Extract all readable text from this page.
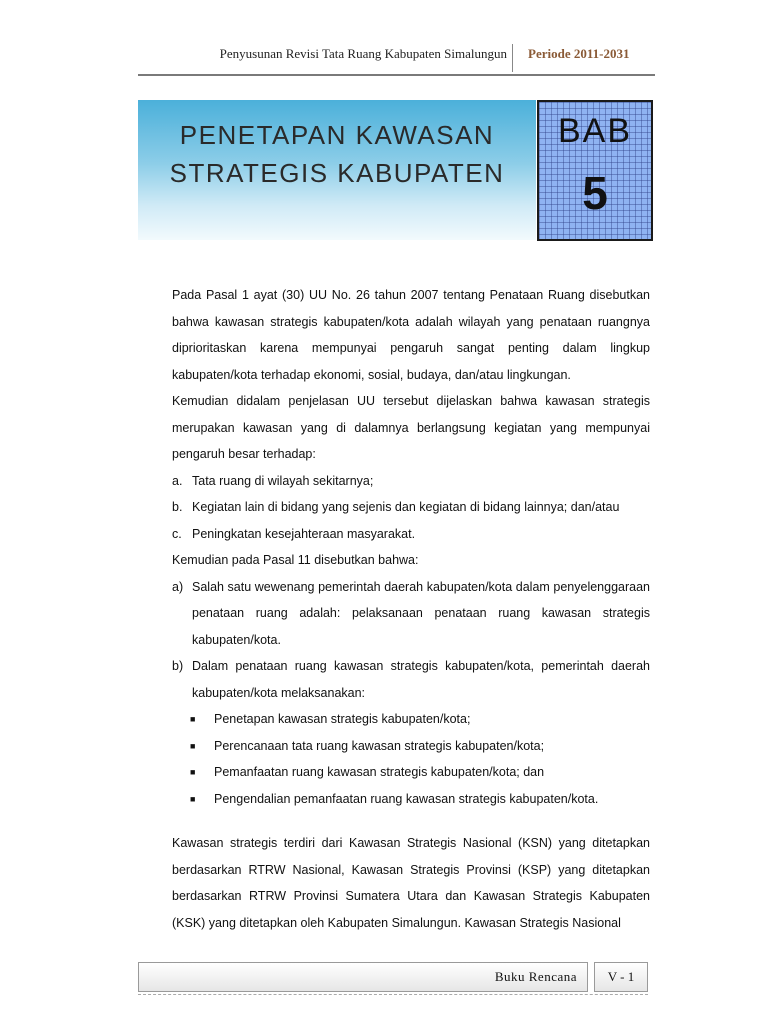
Penyusunan Revisi Tata Ruang Kabupaten Simalungun Periode 2011-2031
PENETAPAN KAWASAN
STRATEGIS KABUPATEN
BAB
5

Pada Pasal 1 ayat (30) UU No. 26 tahun 2007 tentang Penataan Ruang disebutkan bahwa kawasan strategis kabupaten/kota adalah wilayah yang penataan ruangnya diprioritaskan karena mempunyai pengaruh sangat penting dalam lingkup kabupaten/kota terhadap ekonomi, sosial, budaya, dan/atau lingkungan.

Kemudian didalam penjelasan UU tersebut dijelaskan bahwa kawasan strategis merupakan kawasan yang di dalamnya berlangsung kegiatan yang mempunyai pengaruh besar terhadap:

a. Tata ruang di wilayah sekitarnya;
b. Kegiatan lain di bidang yang sejenis dan kegiatan di bidang lainnya; dan/atau
c. Peningkatan kesejahteraan masyarakat.

Kemudian pada Pasal 11 disebutkan bahwa:

a) Salah satu wewenang pemerintah daerah kabupaten/kota dalam penyelenggaraan penataan ruang adalah: pelaksanaan penataan ruang kawasan strategis kabupaten/kota.
b) Dalam penataan ruang kawasan strategis kabupaten/kota, pemerintah daerah kabupaten/kota melaksanakan:
■ Penetapan kawasan strategis kabupaten/kota;
■ Perencanaan tata ruang kawasan strategis kabupaten/kota;
■ Pemanfaatan ruang kawasan strategis kabupaten/kota; dan
■ Pengendalian pemanfaatan ruang kawasan strategis kabupaten/kota.

Kawasan strategis terdiri dari Kawasan Strategis Nasional (KSN) yang ditetapkan berdasarkan RTRW Nasional, Kawasan Strategis Provinsi (KSP) yang ditetapkan berdasarkan RTRW Provinsi Sumatera Utara dan Kawasan Strategis Kabupaten (KSK) yang ditetapkan oleh Kabupaten Simalungun. Kawasan Strategis Nasional

Buku Rencana	V - 1
